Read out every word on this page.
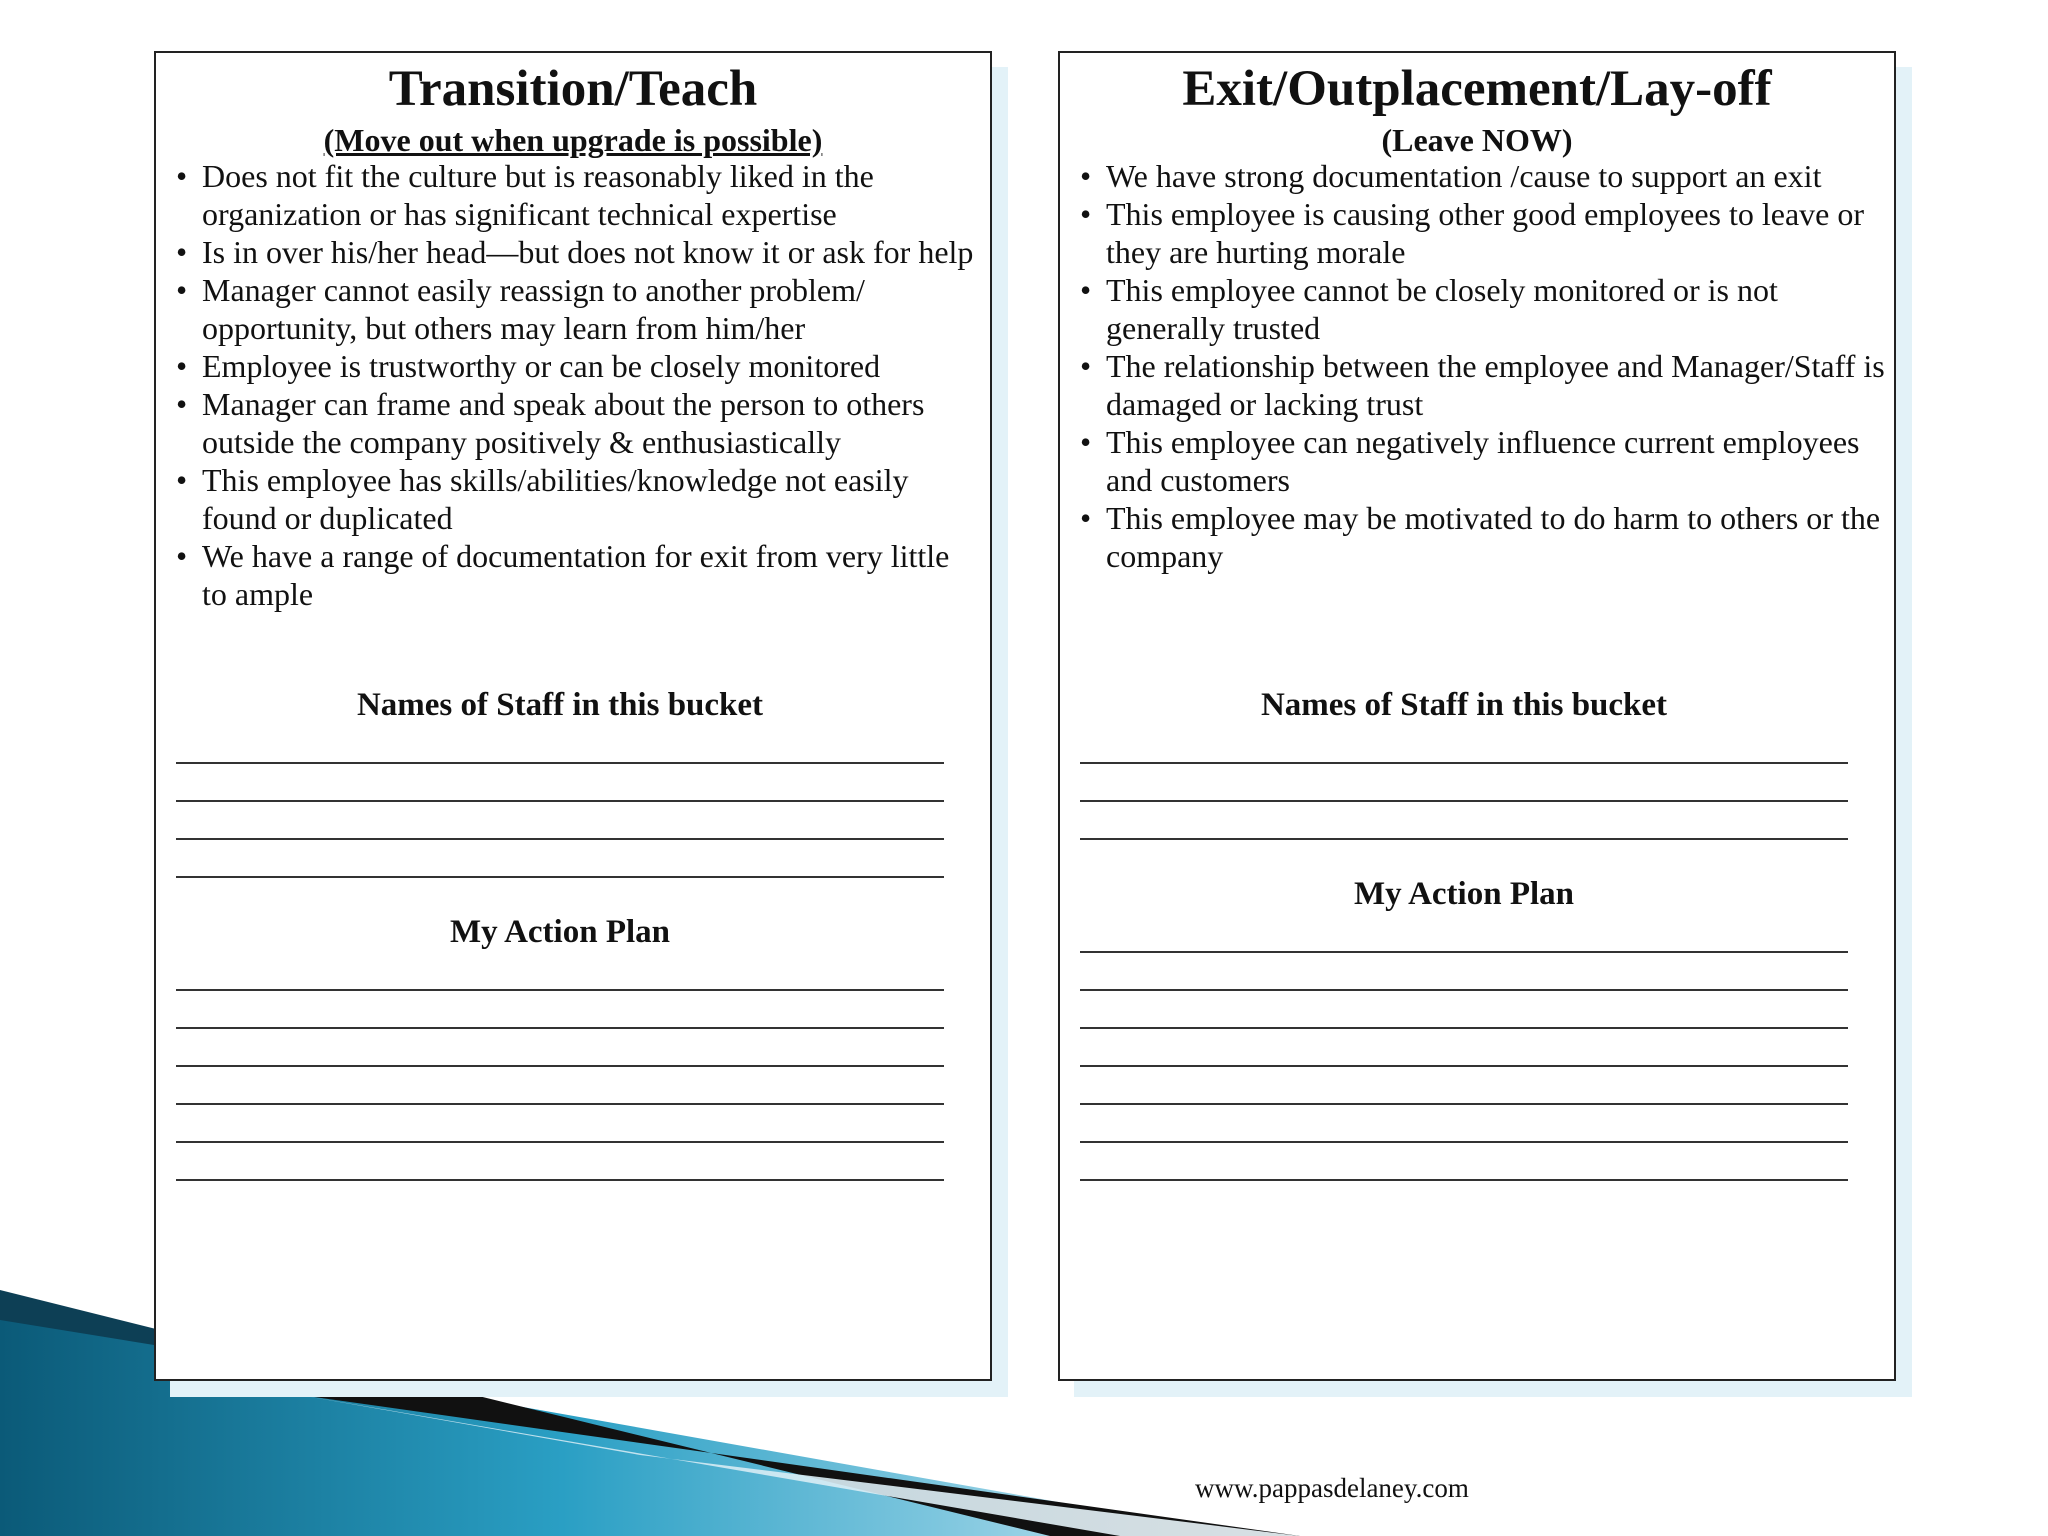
Transition/Teach
(Move out when upgrade is possible)
• Does not fit the culture but is reasonably liked in the organization or has significant technical expertise
• Is in over his/her head—but does not know it or ask for help
• Manager cannot easily reassign to another problem/ opportunity, but others may learn from him/her
• Employee is trustworthy or can be closely monitored
• Manager can frame and speak about the person to others outside the company positively & enthusiastically
• This employee has skills/abilities/knowledge not easily found or duplicated
• We have a range of documentation for exit from very little to ample
Names of Staff in this bucket
My Action Plan
Exit/Outplacement/Lay-off
(Leave NOW)
• We have strong documentation /cause to support an exit
• This employee is causing other good employees to leave or they are hurting morale
• This employee cannot be closely monitored or is not generally trusted
• The relationship between the employee and Manager/Staff is damaged or lacking trust
• This employee can negatively influence current employees and customers
• This employee may be motivated to do harm to others or the company
Names of Staff in this bucket
My Action Plan
www.pappasdelaney.com
